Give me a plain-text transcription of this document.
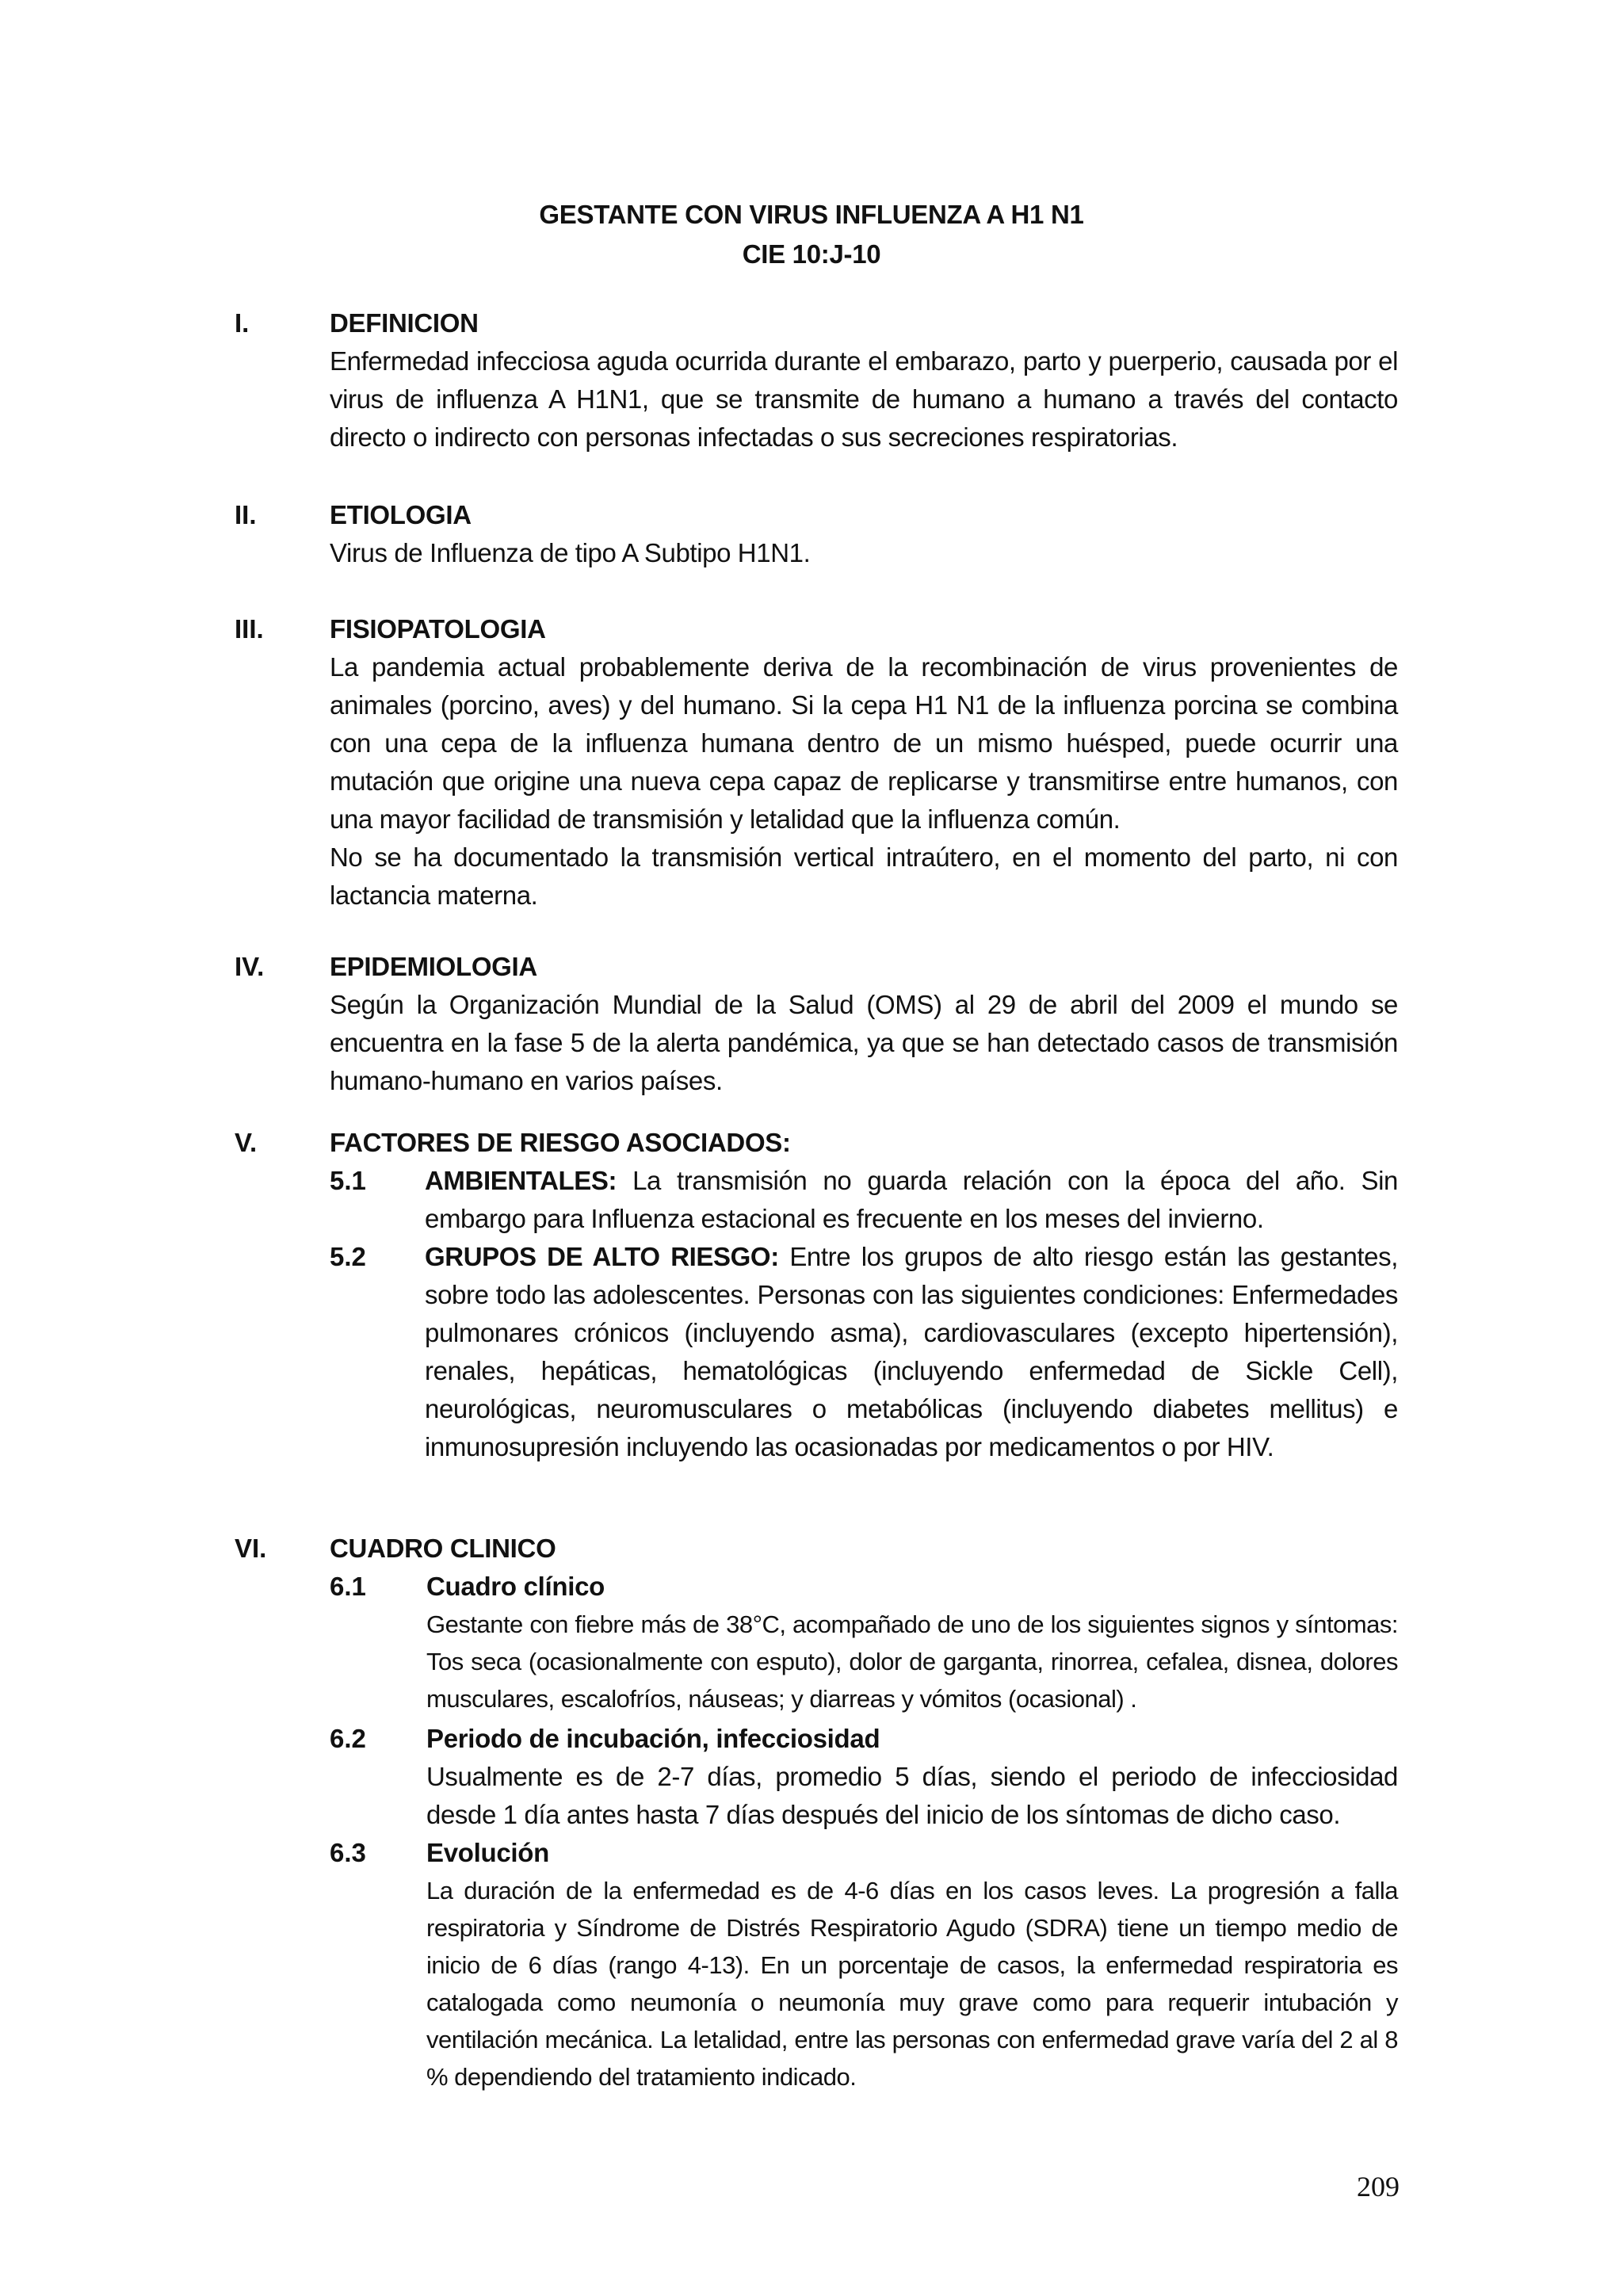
GESTANTE CON VIRUS INFLUENZA A H1 N1
CIE 10:J-10
I.	DEFINICION

Enfermedad infecciosa aguda ocurrida durante el embarazo, parto y puerperio, causada por el virus de influenza A H1N1, que se transmite de humano a humano a través del contacto directo o indirecto con personas infectadas o sus secreciones respiratorias.

II.	ETIOLOGIA

Virus de Influenza de tipo A Subtipo H1N1.

III.	FISIOPATOLOGIA

La pandemia actual probablemente deriva de la recombinación de virus provenientes de animales (porcino, aves) y del humano. Si la cepa H1 N1 de la influenza porcina se combina con una cepa de la influenza humana dentro de un mismo huésped, puede ocurrir una mutación que origine una nueva cepa capaz de replicarse y transmitirse entre humanos, con una mayor facilidad de transmisión y letalidad que la influenza común.

No se ha documentado la transmisión vertical intraútero, en el momento del parto, ni con lactancia materna.

IV.	EPIDEMIOLOGIA

Según la Organización Mundial de la Salud (OMS) al 29 de abril del 2009 el mundo se encuentra en la fase 5 de la alerta pandémica, ya que se han detectado casos de transmisión humano-humano en varios países.

V.	FACTORES DE RIESGO ASOCIADOS:
5.1 AMBIENTALES: La transmisión no guarda relación con la época del año. Sin embargo para Influenza estacional es frecuente en los meses del invierno.

5.2 GRUPOS DE ALTO RIESGO: Entre los grupos de alto riesgo están las gestantes, sobre todo las adolescentes. Personas con las siguientes condiciones: Enfermedades pulmonares crónicos (incluyendo asma), cardiovasculares (excepto hipertensión), renales, hepáticas, hematológicas (incluyendo enfermedad de Sickle Cell), neurológicas, neuromusculares o metabólicas (incluyendo diabetes mellitus) e inmunosupresión incluyendo las ocasionadas por medicamentos o por HIV.

VI. CUADRO CLINICO
6.1 Cuadro clínico

Gestante con fiebre más de 38°C, acompañado de uno de los siguientes signos y síntomas: Tos seca (ocasionalmente con esputo), dolor de garganta, rinorrea, cefalea, disnea, dolores musculares, escalofríos, náuseas; y diarreas y vómitos (ocasional) .

6.2 Periodo de incubación, infecciosidad

Usualmente es de 2-7 días, promedio 5 días, siendo el periodo de infecciosidad desde 1 día antes hasta 7 días después del inicio de los síntomas de dicho caso.

6.3 Evolución

La duración de la enfermedad es de 4-6 días en los casos leves. La progresión a falla respiratoria y Síndrome de Distrés Respiratorio Agudo (SDRA) tiene un tiempo medio de inicio de 6 días (rango 4-13). En un porcentaje de casos, la enfermedad respiratoria es catalogada como neumonía o neumonía muy grave como para requerir intubación y ventilación mecánica. La letalidad, entre las personas con enfermedad grave varía del 2 al 8 % dependiendo del tratamiento indicado.

209
